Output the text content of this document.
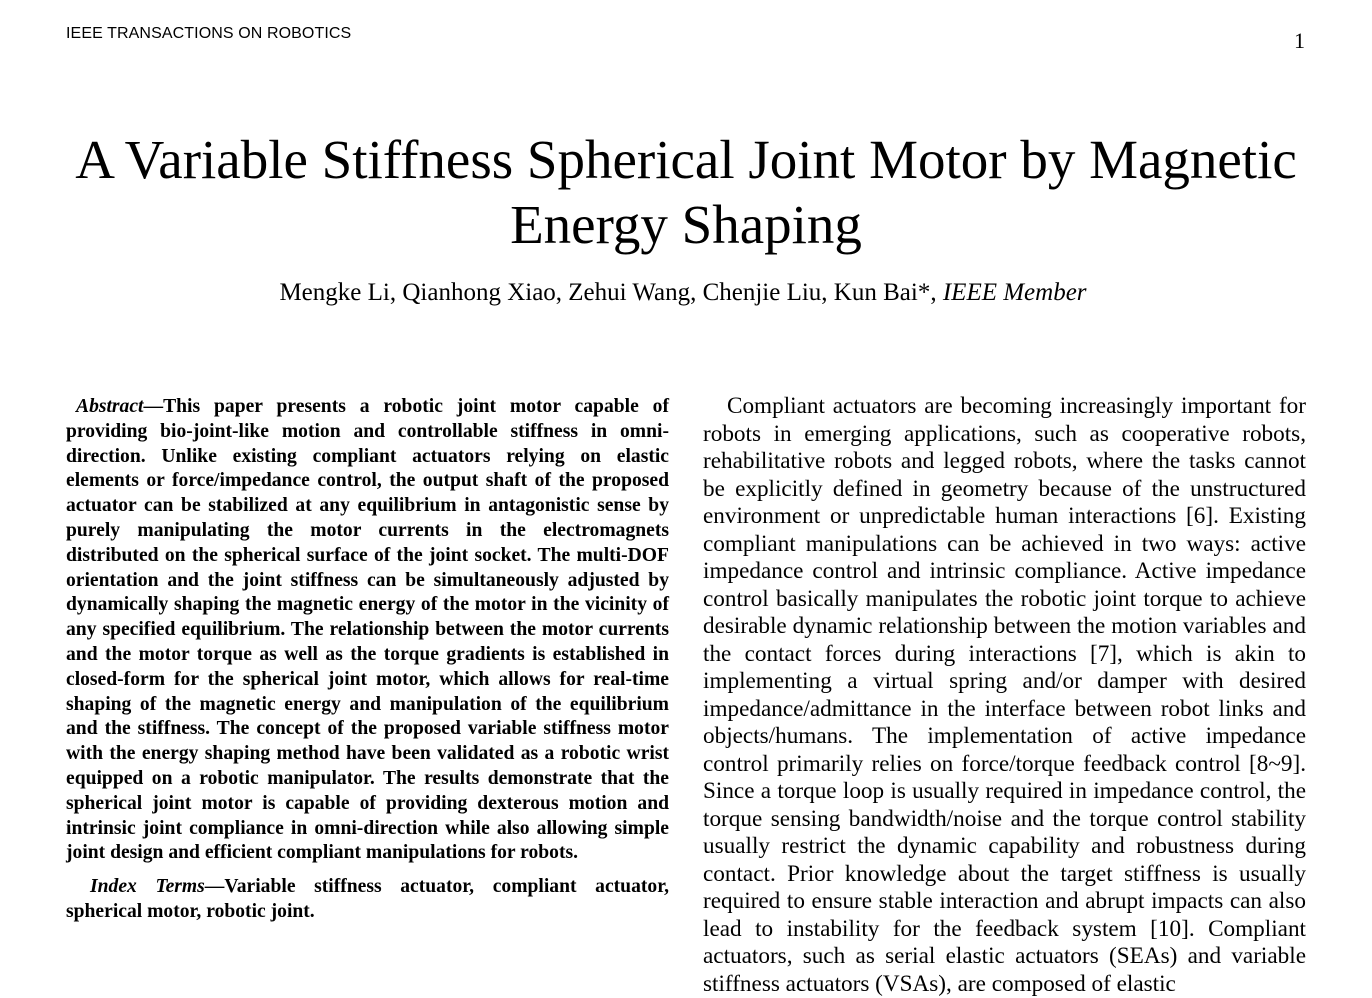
IEEE TRANSACTIONS ON ROBOTICS	1
A Variable Stiffness Spherical Joint Motor by Magnetic Energy Shaping
Mengke Li, Qianhong Xiao, Zehui Wang, Chenjie Liu, Kun Bai*, IEEE Member

Abstract—This paper presents a robotic joint motor capable of providing bio-joint-like motion and controllable stiffness in omni-direction. Unlike existing compliant actuators relying on elastic elements or force/impedance control, the output shaft of the proposed actuator can be stabilized at any equilibrium in antagonistic sense by purely manipulating the motor currents in the electromagnets distributed on the spherical surface of the joint socket. The multi-DOF orientation and the joint stiffness can be simultaneously adjusted by dynamically shaping the magnetic energy of the motor in the vicinity of any specified equilibrium. The relationship between the motor currents and the motor torque as well as the torque gradients is established in closed-form for the spherical joint motor, which allows for real-time shaping of the magnetic energy and manipulation of the equilibrium and the stiffness. The concept of the proposed variable stiffness motor with the energy shaping method have been validated as a robotic wrist equipped on a robotic manipulator. The results demonstrate that the spherical joint motor is capable of providing dexterous motion and intrinsic joint compliance in omni-direction while also allowing simple joint design and efficient compliant manipulations for robots.

Index Terms—Variable stiffness actuator, compliant actuator, spherical motor, robotic joint.

Compliant actuators are becoming increasingly important for robots in emerging applications, such as cooperative robots, rehabilitative robots and legged robots, where the tasks cannot be explicitly defined in geometry because of the unstructured environment or unpredictable human interactions [6]. Existing compliant manipulations can be achieved in two ways: active impedance control and intrinsic compliance. Active impedance control basically manipulates the robotic joint torque to achieve desirable dynamic relationship between the motion variables and the contact forces during interactions [7], which is akin to implementing a virtual spring and/or damper with desired impedance/admittance in the interface between robot links and objects/humans. The implementation of active impedance control primarily relies on force/torque feedback control [8~9]. Since a torque loop is usually required in impedance control, the torque sensing bandwidth/noise and the torque control stability usually restrict the dynamic capability and robustness during contact. Prior knowledge about the target stiffness is usually required to ensure stable interaction and abrupt impacts can also lead to instability for the feedback system [10]. Compliant actuators, such as serial elastic actuators (SEAs) and variable stiffness actuators (VSAs), are composed of elastic
